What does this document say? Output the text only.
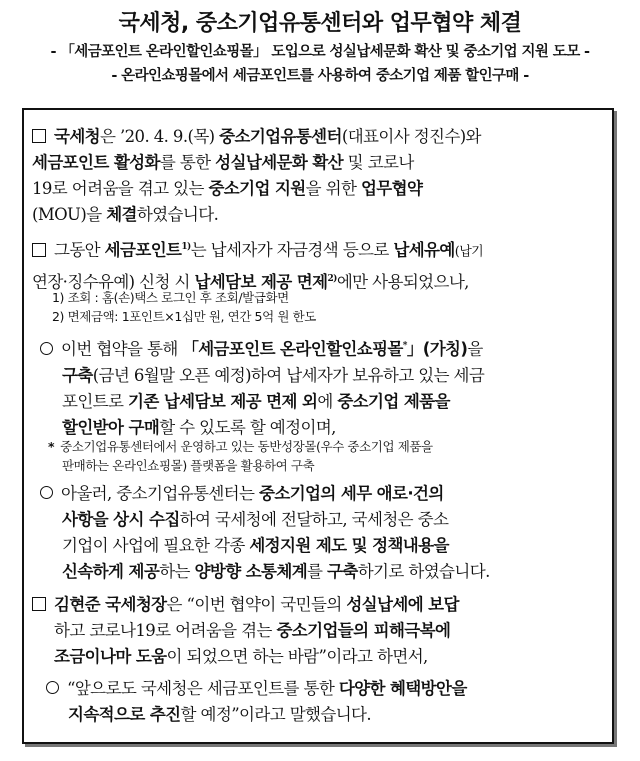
국세청, 중소기업유통센터와 업무협약 체결
- 「세금포인트 온라인할인쇼핑몰」 도입으로 성실납세문화 확산 및 중소기업 지원 도모 -
- 온라인쇼핑몰에서 세금포인트를 사용하여 중소기업 제품 할인구매 -
국세청은 ’20. 4. 9.(목) 중소기업유통센터(대표이사 정진수)와
세금포인트 활성화를 통한 성실납세문화 확산 및 코로나
19로 어려움을 겪고 있는 중소기업 지원을 위한 업무협약
(MOU)을 체결하였습니다.
그동안 세금포인트$^{1)}$는 납세자가 자금경색 등으로 납세유예(납기
연장·징수유예) 신청 시 납세담보 제공 면제$^{2)}$에만 사용되었으나,
1) 조회 : 홈(손)택스 로그인 후 조회/발급화면
2) 면제금액: 1포인트×1십만 원, 연간 5억 원 한도
이번 협약을 통해 「세금포인트 온라인할인쇼핑몰*」(가칭)을
구축(금년 6월말 오픈 예정)하여 납세자가 보유하고 있는 세금
포인트로 기존 납세담보 제공 면제 외에 중소기업 제품을
할인받아 구매할 수 있도록 할 예정이며,
* 중소기업유통센터에서 운영하고 있는 동반성장몰(우수 중소기업 제품을
판매하는 온라인쇼핑몰) 플랫폼을 활용하여 구축
아울러, 중소기업유통센터는 중소기업의 세무 애로·건의
사항을 상시 수집하여 국세청에 전달하고, 국세청은 중소
기업이 사업에 필요한 각종 세정지원 제도 및 정책내용을
신속하게 제공하는 양방향 소통체계를 구축하기로 하였습니다.
김현준 국세청장은 “이번 협약이 국민들의 성실납세에 보답
하고 코로나19로 어려움을 겪는 중소기업들의 피해극복에
조금이나마 도움이 되었으면 하는 바람”이라고 하면서,
“앞으로도 국세청은 세금포인트를 통한 다양한 혜택방안을
지속적으로 추진할 예정”이라고 말했습니다.
